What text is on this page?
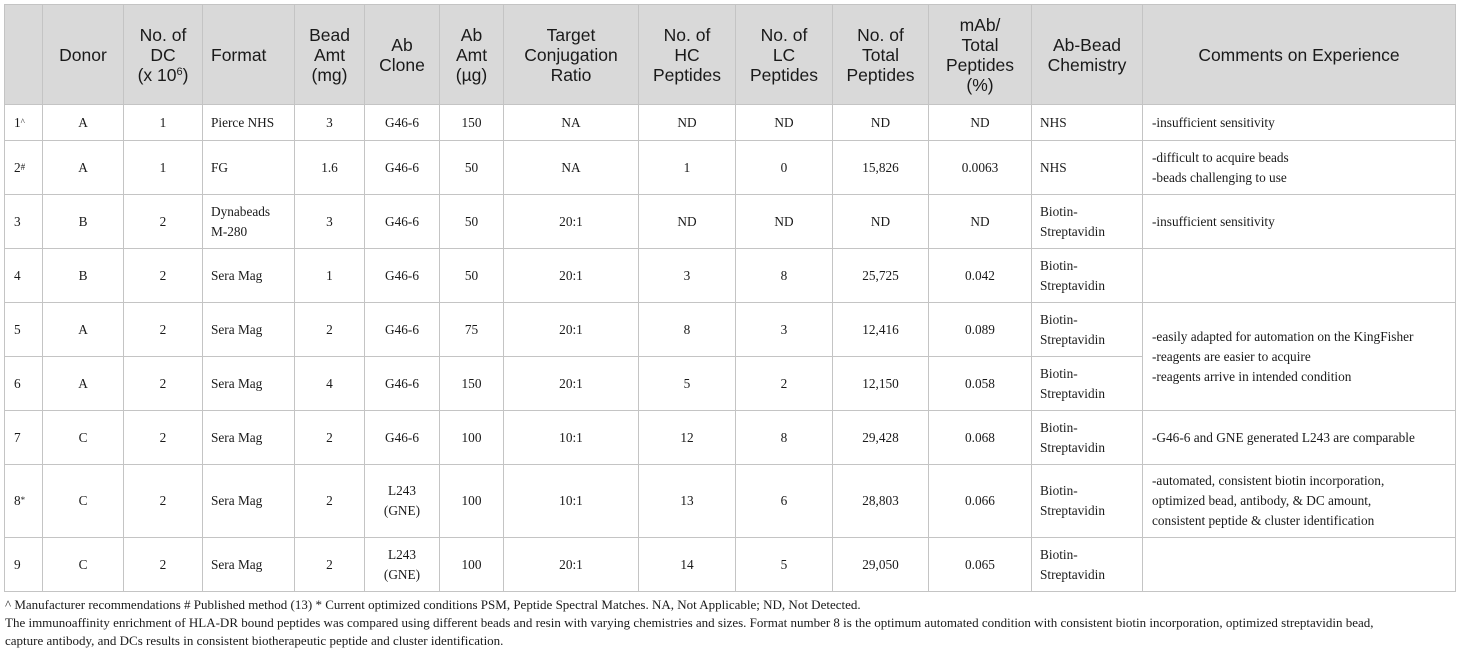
	Donor	No. of
DC
(x $10^6$)	Format	Bead
Amt
(mg)	Ab
Clone	Ab
Amt
(µg)	Target
Conjugation
Ratio	No. of
HC
Peptides	No. of
LC
Peptides	No. of
Total
Peptides	mAb/
Total
Peptides
(%)	Ab-Bead
Chemistry	Comments on Experience
1^	A	1	Pierce NHS	3	G46-6	150	NA	ND	ND	ND	ND	NHS	-insufficient sensitivity
2#	A	1	FG	1.6	G46-6	50	NA	1	0	15,826	0.0063	NHS	-difficult to acquire beads
-beads challenging to use
3	B	2	Dynabeads
M-280	3	G46-6	50	20:1	ND	ND	ND	ND	Biotin-
Streptavidin	-insufficient sensitivity
4	B	2	Sera Mag	1	G46-6	50	20:1	3	8	25,725	0.042	Biotin-
Streptavidin	
5	A	2	Sera Mag	2	G46-6	75	20:1	8	3	12,416	0.089	Biotin-
Streptavidin	-easily adapted for automation on the KingFisher
-reagents are easier to acquire
-reagents arrive in intended condition
6	A	2	Sera Mag	4	G46-6	150	20:1	5	2	12,150	0.058	Biotin-
Streptavidin	
7	C	2	Sera Mag	2	G46-6	100	10:1	12	8	29,428	0.068	Biotin-
Streptavidin	-G46-6 and GNE generated L243 are comparable
8*	C	2	Sera Mag	2	L243
(GNE)	100	10:1	13	6	28,803	0.066	Biotin-
Streptavidin	-automated, consistent biotin incorporation,
optimized bead, antibody, & DC amount,
consistent peptide & cluster identification
9	C	2	Sera Mag	2	L243
(GNE)	100	20:1	14	5	29,050	0.065	Biotin-
Streptavidin	
^ Manufacturer recommendations # Published method (13) * Current optimized conditions PSM, Peptide Spectral Matches. NA, Not Applicable; ND, Not Detected.
The immunoaffinity enrichment of HLA-DR bound peptides was compared using different beads and resin with varying chemistries and sizes. Format number 8 is the optimum automated condition with consistent biotin incorporation, optimized streptavidin bead,
capture antibody, and DCs results in consistent biotherapeutic peptide and cluster identification.
